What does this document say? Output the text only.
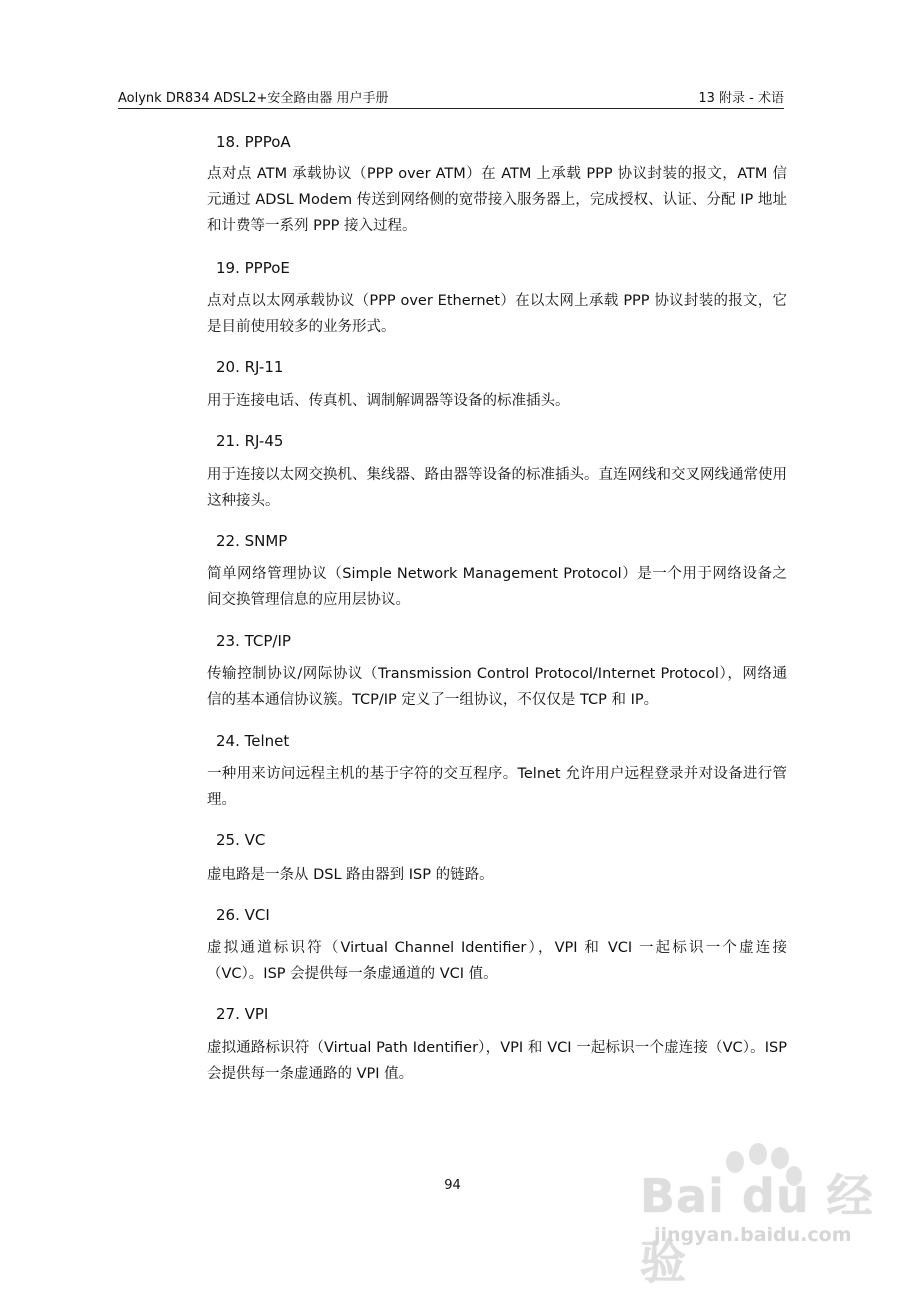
Aolynk DR834 ADSL2+安全路由器 用户手册	13 附录 - 术语
18. PPPoA

点对点 ATM 承载协议（PPP over ATM）在 ATM 上承载 PPP 协议封装的报文，ATM 信元通过 ADSL Modem 传送到网络侧的宽带接入服务器上，完成授权、认证、分配 IP 地址和计费等一系列 PPP 接入过程。

19. PPPoE

点对点以太网承载协议（PPP over Ethernet）在以太网上承载 PPP 协议封装的报文，它是目前使用较多的业务形式。

20. RJ-11

用于连接电话、传真机、调制解调器等设备的标准插头。

21. RJ-45

用于连接以太网交换机、集线器、路由器等设备的标准插头。直连网线和交叉网线通常使用这种接头。

22. SNMP

简单网络管理协议（Simple Network Management Protocol）是一个用于网络设备之间交换管理信息的应用层协议。

23. TCP/IP

传输控制协议/网际协议（Transmission Control Protocol/Internet Protocol），网络通信的基本通信协议簇。TCP/IP 定义了一组协议，不仅仅是 TCP 和 IP。

24. Telnet

一种用来访问远程主机的基于字符的交互程序。Telnet 允许用户远程登录并对设备进行管理。

25. VC

虚电路是一条从 DSL 路由器到 ISP 的链路。

26. VCI

虚拟通道标识符（Virtual Channel Identifier），VPI 和 VCI 一起标识一个虚连接（VC）。ISP 会提供每一条虚通道的 VCI 值。

27. VPI

虚拟通路标识符（Virtual Path Identifier），VPI 和 VCI 一起标识一个虚连接（VC）。ISP 会提供每一条虚通路的 VPI 值。

94	Bai du 经验
jingyan.baidu.com
